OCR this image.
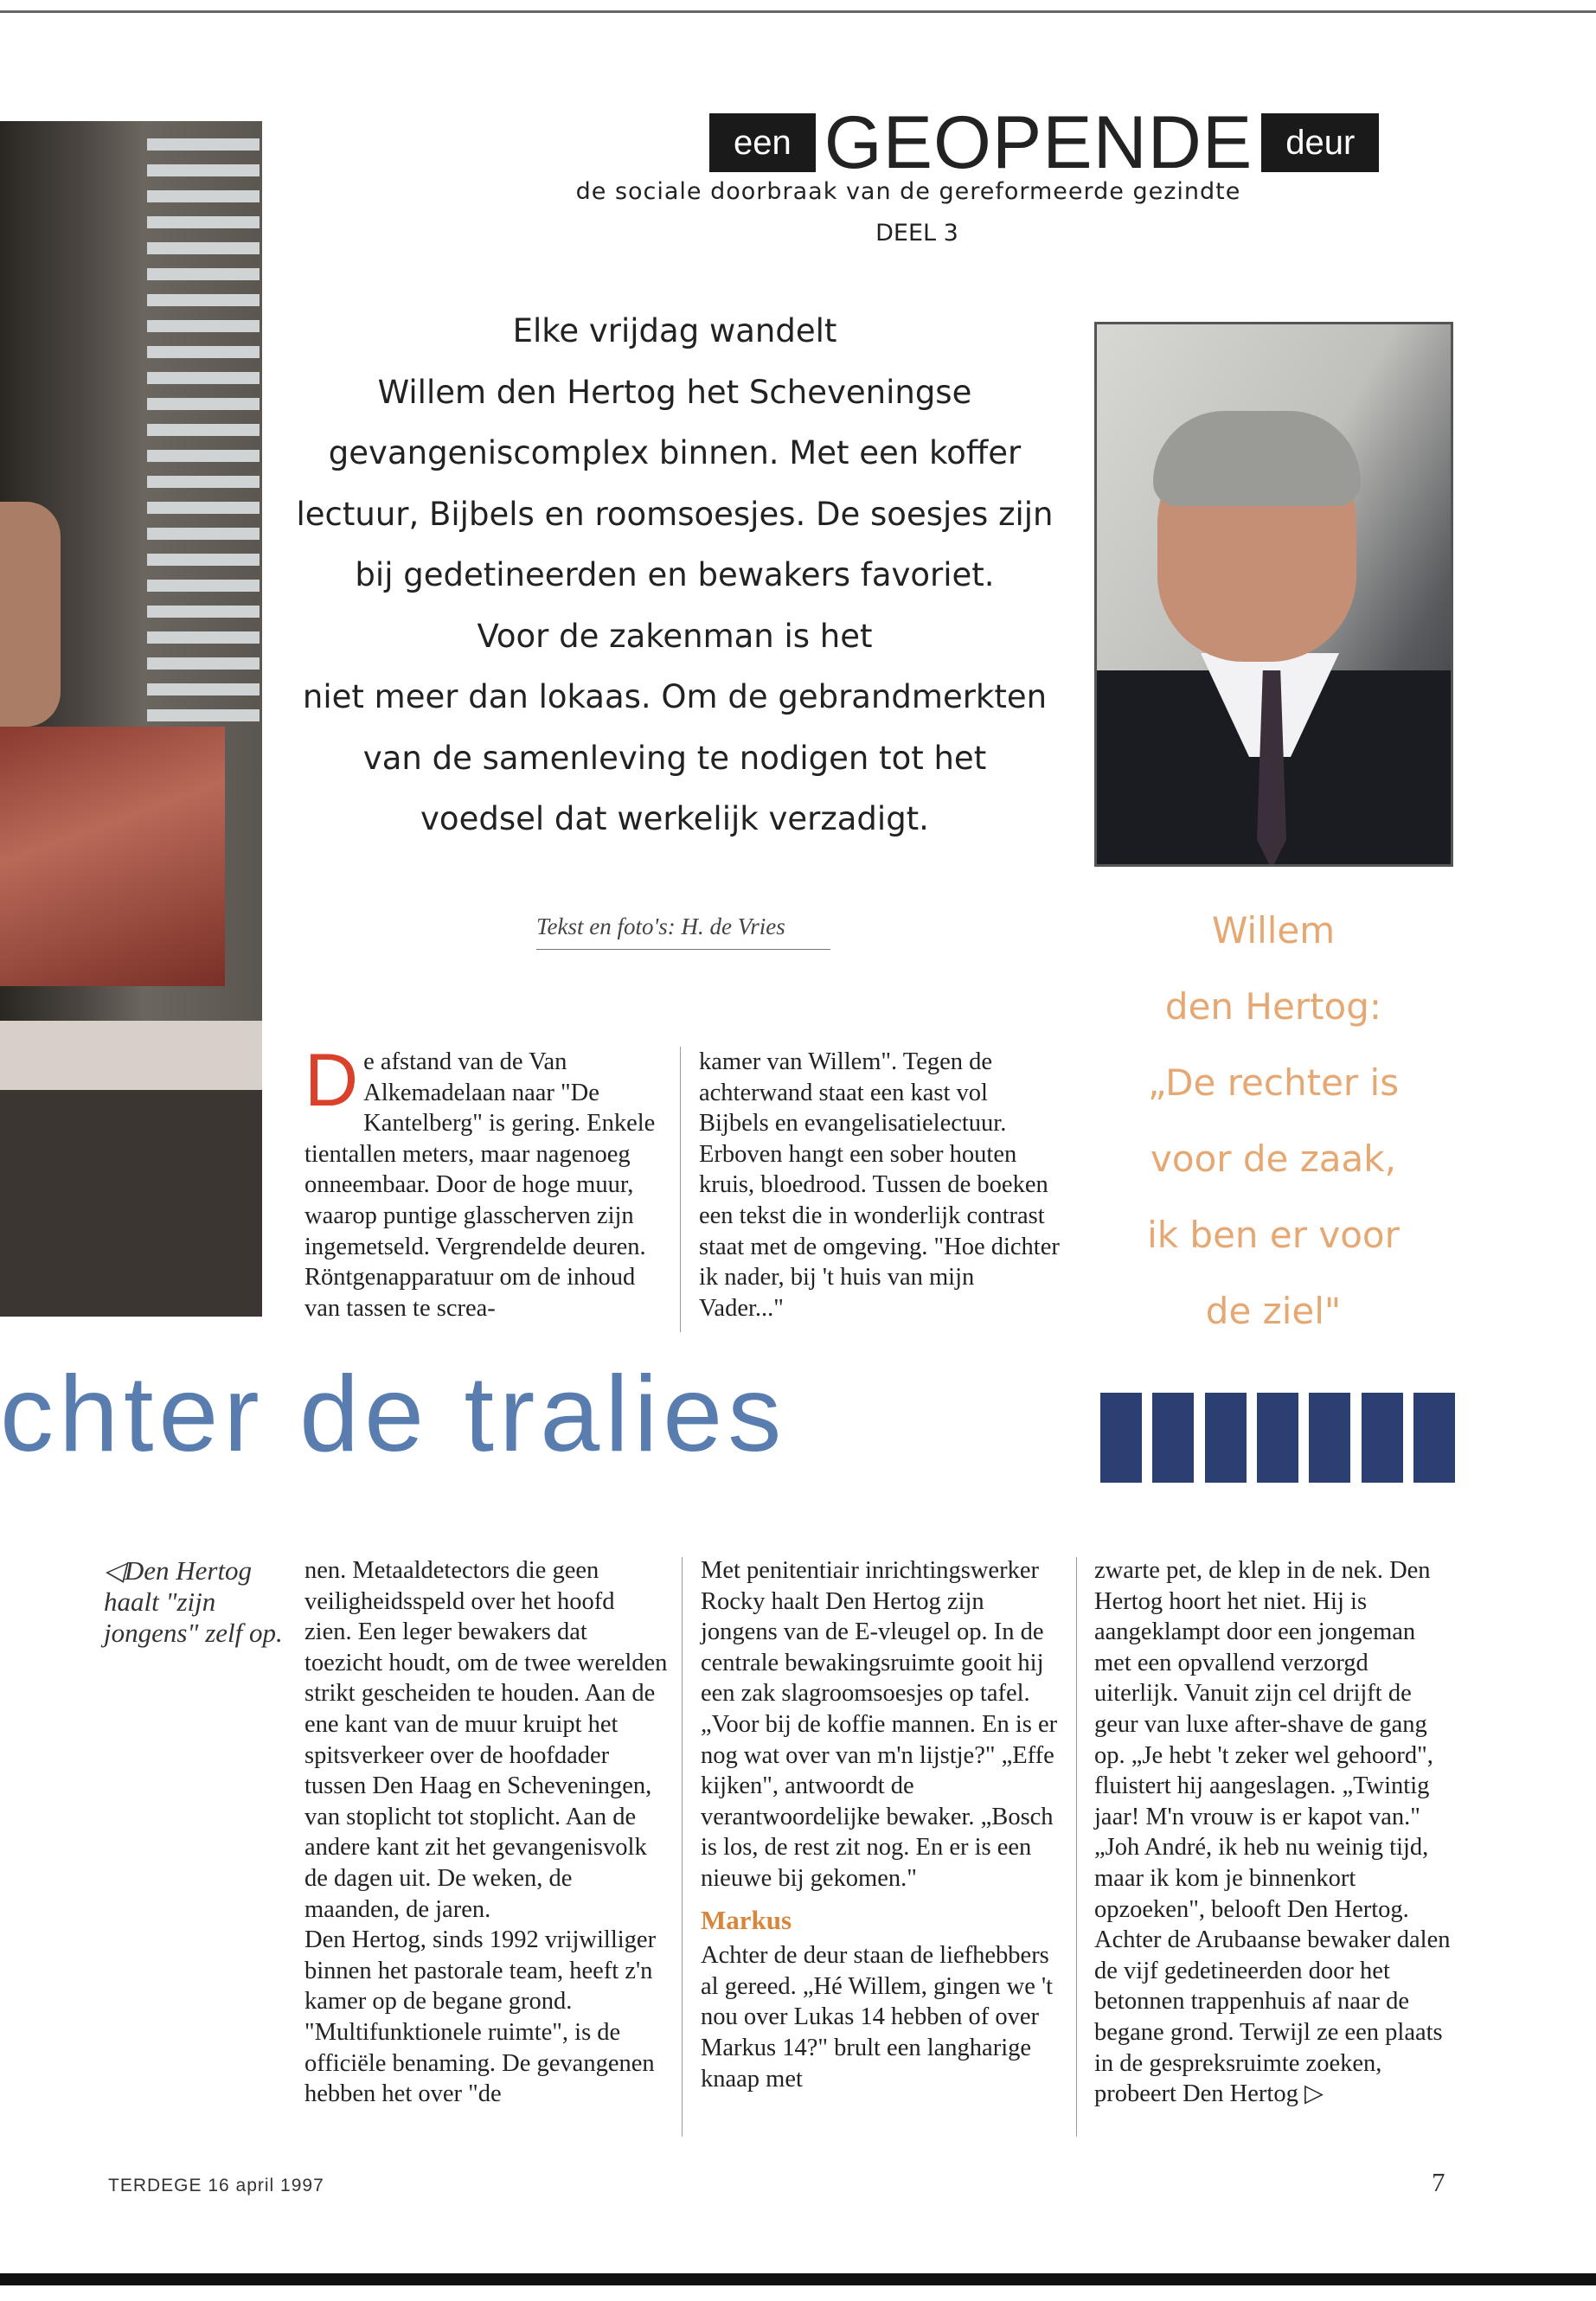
een GEOPENDE deur
de sociale doorbraak van de gereformeerde gezindte
DEEL 3
Elke vrijdag wandelt
Willem den Hertog het Scheveningse
gevangeniscomplex binnen. Met een koffer
lectuur, Bijbels en roomsoesjes. De soesjes zijn
bij gedetineerden en bewakers favoriet.
Voor de zakenman is het
niet meer dan lokaas. Om de gebrandmerkten
van de samenleving te nodigen tot het
voedsel dat werkelijk verzadigt.
Tekst en foto's: H. de Vries	Willem
den Hertog:
„De rechter is
voor de zaak,
ik ben er voor
de ziel"
D e afstand van de Van Alkemadelaan naar "De Kantelberg" is gering. Enkele tientallen meters, maar nagenoeg onneembaar. Door de hoge muur, waarop puntige glasscherven zijn ingemetseld. Vergrendelde deuren. Röntgenapparatuur om de inhoud van tassen te screa-

kamer van Willem". Tegen de achterwand staat een kast vol Bijbels en evangelisatielectuur. Erboven hangt een sober houten kruis, bloedrood. Tussen de boeken een tekst die in wonderlijk contrast staat met de omgeving. "Hoe dichter ik nader, bij 't huis van mijn Vader..."

chter de tralies
◁Den Hertog haalt "zijn jongens" zelf op.

nen. Metaaldetectors die geen veiligheidsspeld over het hoofd zien. Een leger bewakers dat toezicht houdt, om de twee werelden strikt gescheiden te houden. Aan de ene kant van de muur kruipt het spitsverkeer over de hoofdader tussen Den Haag en Scheveningen, van stoplicht tot stoplicht. Aan de andere kant zit het gevangenisvolk de dagen uit. De weken, de maanden, de jaren.

Den Hertog, sinds 1992 vrijwilliger binnen het pastorale team, heeft z'n kamer op de begane grond. "Multifunktionele ruimte", is de officiële benaming. De gevangenen hebben het over "de

Met penitentiair inrichtingswerker Rocky haalt Den Hertog zijn jongens van de E-vleugel op. In de centrale bewakingsruimte gooit hij een zak slagroomsoesjes op tafel. „Voor bij de koffie mannen. En is er nog wat over van m'n lijstje?" „Effe kijken", antwoordt de verantwoordelijke bewaker. „Bosch is los, de rest zit nog. En er is een nieuwe bij gekomen."

Markus

Achter de deur staan de liefhebbers al gereed. „Hé Willem, gingen we 't nou over Lukas 14 hebben of over Markus 14?" brult een langharige knaap met

zwarte pet, de klep in de nek. Den Hertog hoort het niet. Hij is aangeklampt door een jongeman met een opvallend verzorgd uiterlijk. Vanuit zijn cel drijft de geur van luxe after-shave de gang op. „Je hebt 't zeker wel gehoord", fluistert hij aangeslagen. „Twintig jaar! M'n vrouw is er kapot van." „Joh André, ik heb nu weinig tijd, maar ik kom je binnenkort opzoeken", belooft Den Hertog. Achter de Arubaanse bewaker dalen de vijf gedetineerden door het betonnen trappenhuis af naar de begane grond. Terwijl ze een plaats in de gespreksruimte zoeken, probeert Den Hertog ▷

TERDEGE 16 april 1997	7
